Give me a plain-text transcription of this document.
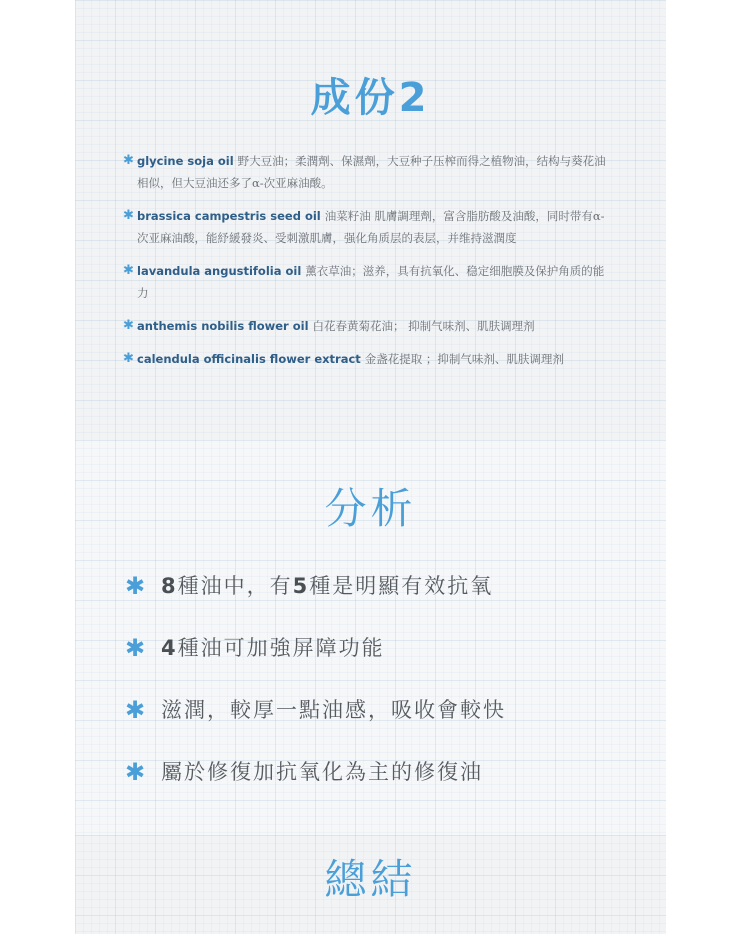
成份2
✱ glycine soja oil 野大豆油；柔潤劑、保濕劑，大豆种子压榨而得之植物油，结构与葵花油相似，但大豆油还多了α-次亚麻油酸。
✱ brassica campestris seed oil 油菜籽油 肌膚調理劑，富含脂肪酸及油酸，同时带有α-次亚麻油酸，能紓緩發炎、受刺激肌膚，强化角质层的表层，并维持滋潤度
✱ lavandula angustifolia oil 薰衣草油；滋养，具有抗氧化、稳定细胞膜及保护角质的能力
✱ anthemis nobilis flower oil 白花春黄菊花油； 抑制气味剂、肌肤调理剂
✱ calendula officinalis flower extract 金盏花提取 ；抑制气味剂、肌肤调理剂
分析
✱ 8種油中，有5種是明顯有效抗氧
✱ 4種油可加強屏障功能
✱ 滋潤，較厚一點油感，吸收會較快
✱ 屬於修復加抗氧化為主的修復油
總結
